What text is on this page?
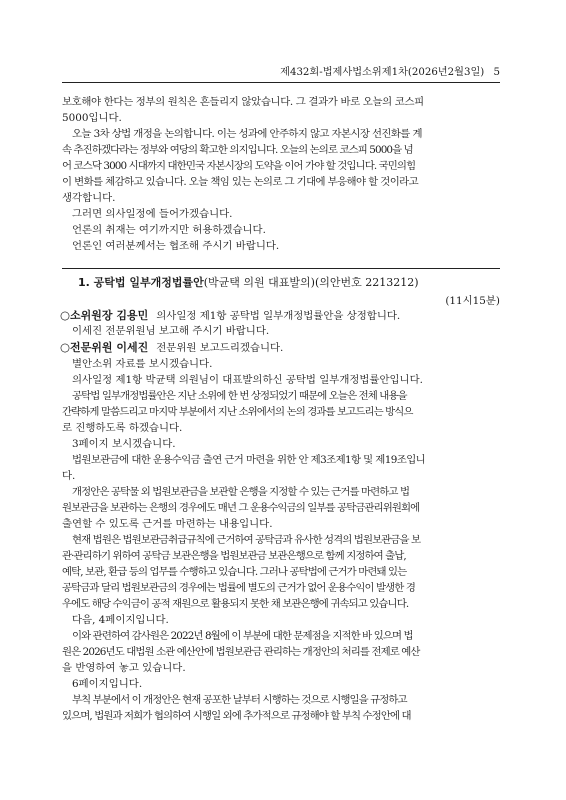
제432회-법제사법소위제1차(2026년2월3일) 5
보호해야 한다는 정부의 원칙은 흔들리지 않았습니다. 그 결과가 바로 오늘의 코스피
5000입니다.
오늘 3차 상법 개정을 논의합니다. 이는 성과에 안주하지 않고 자본시장 선진화를 계
속 추진하겠다라는 정부와 여당의 확고한 의지입니다. 오늘의 논의로 코스피 5000을 넘
어 코스닥 3000 시대까지 대한민국 자본시장의 도약을 이어 가야 할 것입니다. 국민의힘
이 변화를 체감하고 있습니다. 오늘 책임 있는 논의로 그 기대에 부응해야 할 것이라고
생각합니다.
그러면 의사일정에 들어가겠습니다.
언론의 취재는 여기까지만 허용하겠습니다.
언론인 여러분께서는 협조해 주시기 바랍니다.
1. 공탁법 일부개정법률안(박균택 의원 대표발의)(의안번호 2213212)
(11시15분)
○소위원장 김용민 의사일정 제1항 공탁법 일부개정법률안을 상정합니다.
이세진 전문위원님 보고해 주시기 바랍니다.
○전문위원 이세진 전문위원 보고드리겠습니다.
별안소위 자료를 보시겠습니다.
의사일정 제1항 박균택 의원님이 대표발의하신 공탁법 일부개정법률안입니다.
공탁법 일부개정법률안은 지난 소위에 한 번 상정되었기 때문에 오늘은 전체 내용을
간략하게 말씀드리고 마지막 부분에서 지난 소위에서의 논의 경과를 보고드리는 방식으
로 진행하도록 하겠습니다.
3페이지 보시겠습니다.
법원보관금에 대한 운용수익금 출연 근거 마련을 위한 안 제3조제1항 및 제19조입니
다.
개정안은 공탁물 외 법원보관금을 보관할 은행을 지정할 수 있는 근거를 마련하고 법
원보관금을 보관하는 은행의 경우에도 매년 그 운용수익금의 일부를 공탁금관리위원회에
출연할 수 있도록 근거를 마련하는 내용입니다.
현재 법원은 법원보관금취급규칙에 근거하여 공탁금과 유사한 성격의 법원보관금을 보
관·관리하기 위하여 공탁금 보관은행을 법원보관금 보관은행으로 함께 지정하여 출납,
예탁, 보관, 환급 등의 업무를 수행하고 있습니다. 그러나 공탁법에 근거가 마련돼 있는
공탁금과 달리 법원보관금의 경우에는 법률에 별도의 근거가 없어 운용수익이 발생한 경
우에도 해당 수익금이 공적 재원으로 활용되지 못한 채 보관은행에 귀속되고 있습니다.
다음, 4페이지입니다.
이와 관련하여 감사원은 2022년 8월에 이 부분에 대한 문제점을 지적한 바 있으며 법
원은 2026년도 대법원 소관 예산안에 법원보관금 관리하는 개정안의 처리를 전제로 예산
을 반영하여 놓고 있습니다.
6페이지입니다.
부칙 부분에서 이 개정안은 현재 공포한 날부터 시행하는 것으로 시행일을 규정하고
있으며, 법원과 저희가 협의하여 시행일 외에 추가적으로 규정해야 할 부칙 수정안에 대
